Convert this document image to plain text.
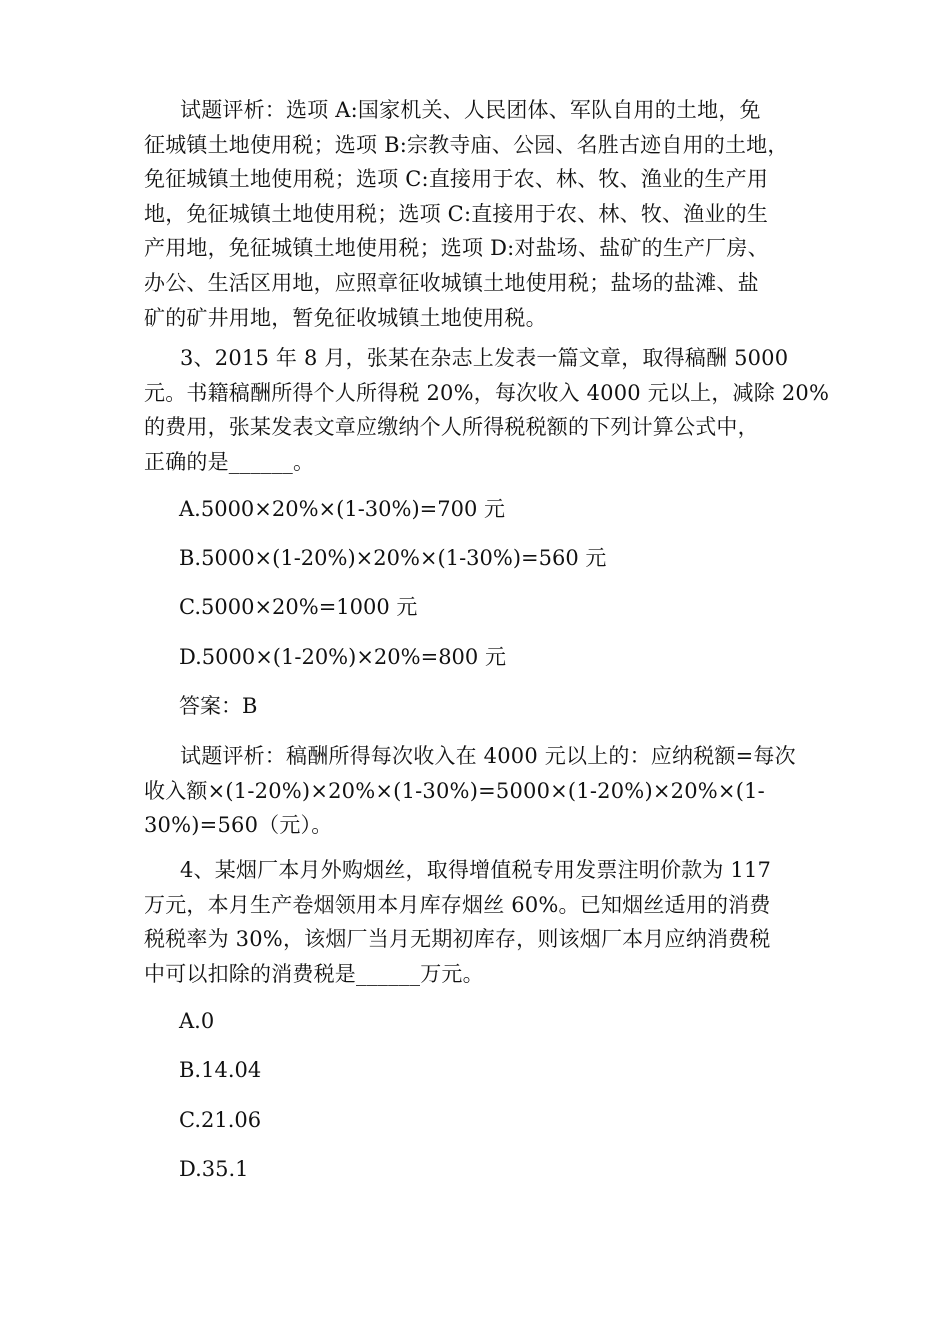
试题评析：选项 A:国家机关、人民团体、军队自用的土地，免
征城镇土地使用税；选项 B:宗教寺庙、公园、名胜古迹自用的土地，
免征城镇土地使用税；选项 C:直接用于农、林、牧、渔业的生产用
地，免征城镇土地使用税；选项 C:直接用于农、林、牧、渔业的生
产用地，免征城镇土地使用税；选项 D:对盐场、盐矿的生产厂房、
办公、生活区用地，应照章征收城镇土地使用税；盐场的盐滩、盐
矿的矿井用地，暂免征收城镇土地使用税。
3、2015 年 8 月，张某在杂志上发表一篇文章，取得稿酬 5000
元。书籍稿酬所得个人所得税 20%，每次收入 4000 元以上，减除 20%
的费用，张某发表文章应缴纳个人所得税税额的下列计算公式中，
正确的是______。

A.5000×20%×(1-30%)=700 元

B.5000×(1-20%)×20%×(1-30%)=560 元

C.5000×20%=1000 元

D.5000×(1-20%)×20%=800 元

答案：B

试题评析：稿酬所得每次收入在 4000 元以上的：应纳税额=每次
收入额×(1-20%)×20%×(1-30%)=5000×(1-20%)×20%×(1-
30%)=560（元）。
4、某烟厂本月外购烟丝，取得增值税专用发票注明价款为 117
万元，本月生产卷烟领用本月库存烟丝 60%。已知烟丝适用的消费
税税率为 30%，该烟厂当月无期初库存，则该烟厂本月应纳消费税
中可以扣除的消费税是______万元。

A.0

B.14.04

C.21.06

D.35.1
